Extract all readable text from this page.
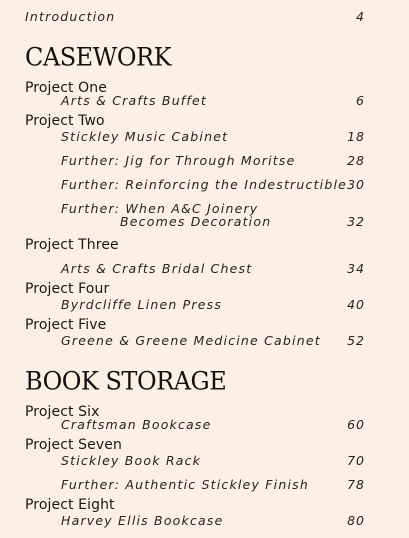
Introduction	4
CASEWORK
Project One
Arts & Crafts Buffet	6
Project Two
Stickley Music Cabinet	18
Further: Jig for Through Moritse	28
Further: Reinforcing the Indestructible 30
Further: When A&C Joinery
Becomes Decoration	32
Project Three
Arts & Crafts Bridal Chest	34
Project Four
Byrdcliffe Linen Press	40
Project Five
Greene & Greene Medicine Cabinet 52
BOOK STORAGE
Project Six
Craftsman Bookcase	60
Project Seven
Stickley Book Rack	70
Further: Authentic Stickley Finish	78
Project Eight
Harvey Ellis Bookcase	80
